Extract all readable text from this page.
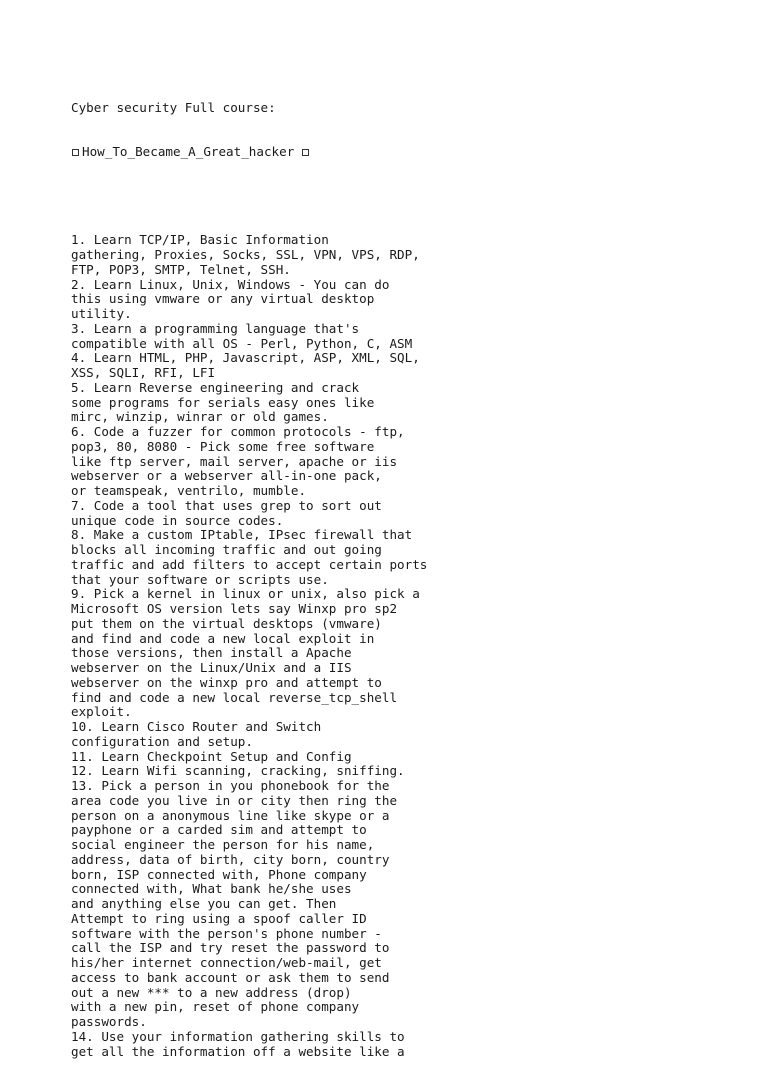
Cyber security Full course:

How_To_Became_A_Great_hacker

1. Learn TCP/IP, Basic Information
gathering, Proxies, Socks, SSL, VPN, VPS, RDP,
FTP, POP3, SMTP, Telnet, SSH.
2. Learn Linux, Unix, Windows - You can do
this using vmware or any virtual desktop
utility.
3. Learn a programming language that's
compatible with all OS - Perl, Python, C, ASM
4. Learn HTML, PHP, Javascript, ASP, XML, SQL,
XSS, SQLI, RFI, LFI
5. Learn Reverse engineering and crack
some programs for serials easy ones like
mirc, winzip, winrar or old games.
6. Code a fuzzer for common protocols - ftp,
pop3, 80, 8080 - Pick some free software
like ftp server, mail server, apache or iis
webserver or a webserver all-in-one pack,
or teamspeak, ventrilo, mumble.
7. Code a tool that uses grep to sort out
unique code in source codes.
8. Make a custom IPtable, IPsec firewall that
blocks all incoming traffic and out going
traffic and add filters to accept certain ports
that your software or scripts use.
9. Pick a kernel in linux or unix, also pick a
Microsoft OS version lets say Winxp pro sp2
put them on the virtual desktops (vmware)
and find and code a new local exploit in
those versions, then install a Apache
webserver on the Linux/Unix and a IIS
webserver on the winxp pro and attempt to
find and code a new local reverse_tcp_shell
exploit.
10. Learn Cisco Router and Switch
configuration and setup.
11. Learn Checkpoint Setup and Config
12. Learn Wifi scanning, cracking, sniffing.
13. Pick a person in you phonebook for the
area code you live in or city then ring the
person on a anonymous line like skype or a
payphone or a carded sim and attempt to
social engineer the person for his name,
address, data of birth, city born, country
born, ISP connected with, Phone company
connected with, What bank he/she uses
and anything else you can get. Then
Attempt to ring using a spoof caller ID
software with the person's phone number -
call the ISP and try reset the password to
his/her internet connection/web-mail, get
access to bank account or ask them to send
out a new *** to a new address (drop)
with a new pin, reset of phone company
passwords.
14. Use your information gathering skills to
get all the information off a website like a
